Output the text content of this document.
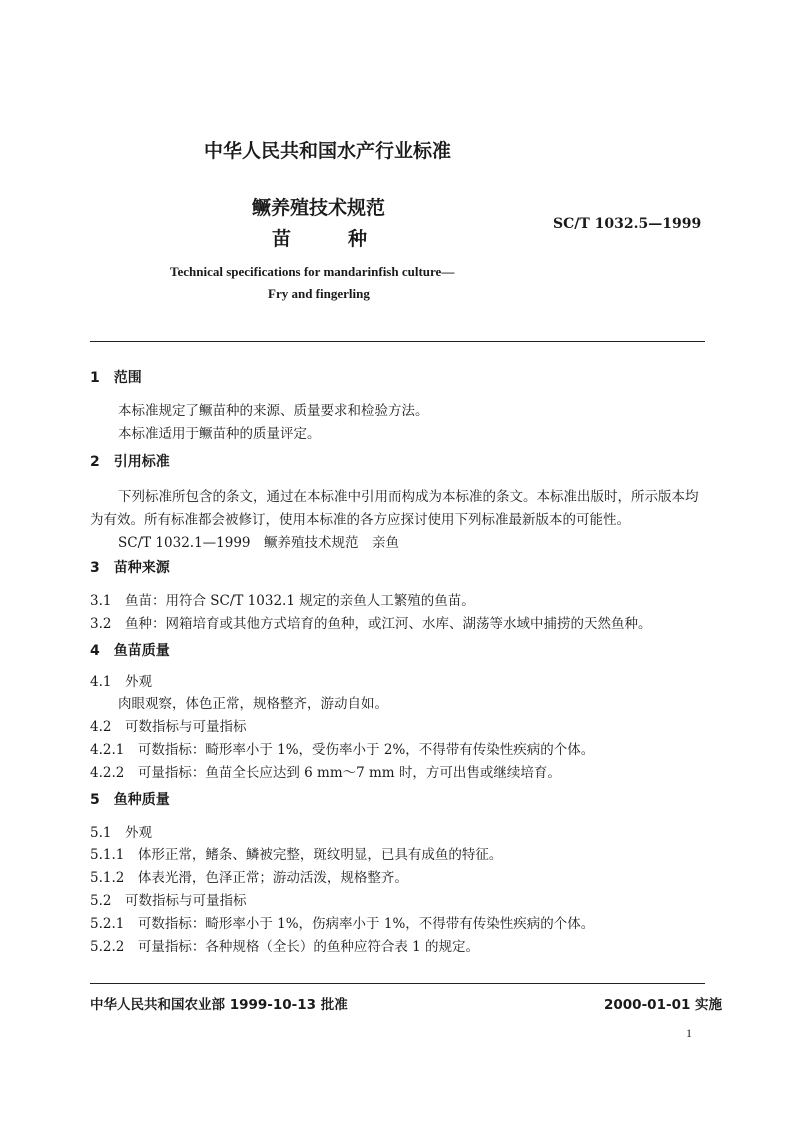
中华人民共和国水产行业标准
鳜养殖技术规范
苗　　　种
SC/T 1032.5—1999
Technical specifications for mandarinfish culture—
Fry and fingerling
1　范围
本标准规定了鳜苗种的来源、质量要求和检验方法。
本标准适用于鳜苗种的质量评定。
2　引用标准
下列标准所包含的条文，通过在本标准中引用而构成为本标准的条文。本标准出版时，所示版本均
为有效。所有标准都会被修订，使用本标准的各方应探讨使用下列标准最新版本的可能性。
SC/T 1032.1—1999　鳜养殖技术规范　亲鱼
3　苗种来源
3.1　鱼苗：用符合 SC/T 1032.1 规定的亲鱼人工繁殖的鱼苗。
3.2　鱼种：网箱培育或其他方式培育的鱼种，或江河、水库、湖荡等水域中捕捞的天然鱼种。
4　鱼苗质量
4.1　外观
肉眼观察，体色正常，规格整齐，游动自如。
4.2　可数指标与可量指标
4.2.1　可数指标：畸形率小于 1%，受伤率小于 2%，不得带有传染性疾病的个体。
4.2.2　可量指标：鱼苗全长应达到 6 mm～7 mm 时，方可出售或继续培育。
5　鱼种质量
5.1　外观
5.1.1　体形正常，鳍条、鳞被完整，斑纹明显，已具有成鱼的特征。
5.1.2　体表光滑，色泽正常；游动活泼，规格整齐。
5.2　可数指标与可量指标
5.2.1　可数指标：畸形率小于 1%，伤病率小于 1%，不得带有传染性疾病的个体。
5.2.2　可量指标：各种规格（全长）的鱼种应符合表 1 的规定。
中华人民共和国农业部 1999-10-13 批准	2000-01-01 实施
1
